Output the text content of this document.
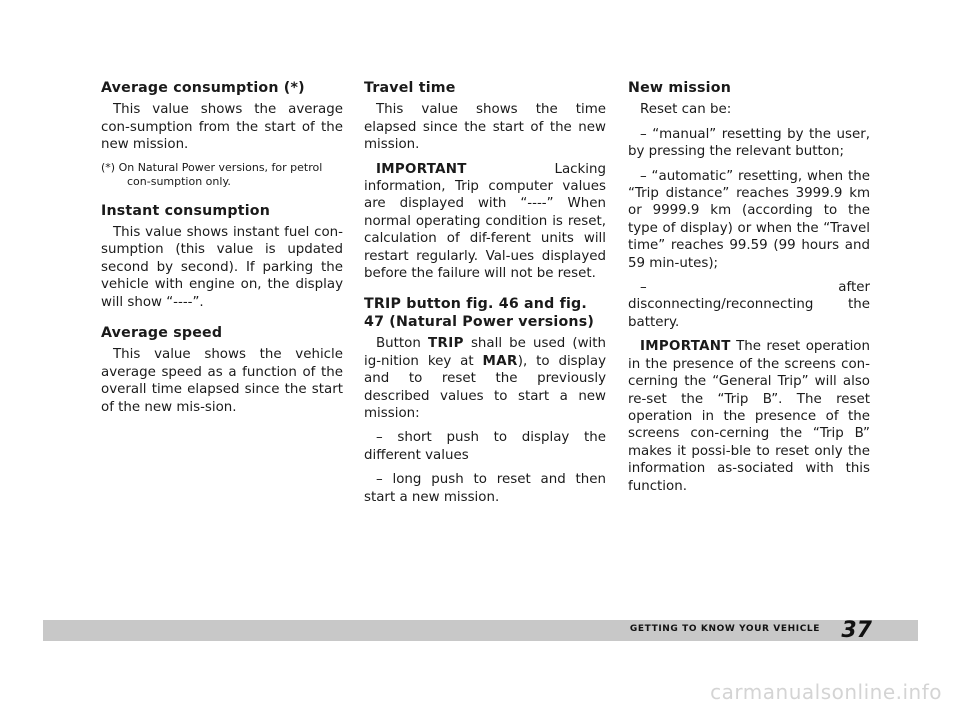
Average consumption (*)

This value shows the average con-sumption from the start of the new mission.

(*) On Natural Power versions, for petrol con-sumption only.
Instant consumption

This value shows instant fuel con-sumption (this value is updated second by second). If parking the vehicle with engine on, the display will show “----”.

Average speed

This value shows the vehicle average speed as a function of the overall time elapsed since the start of the new mis-sion.

Travel time

This value shows the time elapsed since the start of the new mission.

IMPORTANT Lacking information, Trip computer values are displayed with “----” When normal operating condition is reset, calculation of dif-ferent units will restart regularly. Val-ues displayed before the failure will not be reset.

TRIP button fig. 46 and fig. 47 (Natural Power versions)

Button TRIP shall be used (with ig-nition key at MAR), to display and to reset the previously described values to start a new mission:

– short push to display the different values

– long push to reset and then start a new mission.

New mission

Reset can be:

– “manual” resetting by the user, by pressing the relevant button;

– “automatic” resetting, when the “Trip distance” reaches 3999.9 km or 9999.9 km (according to the type of display) or when the “Travel time” reaches 99.59 (99 hours and 59 min-utes);

– after disconnecting/reconnecting the battery.

IMPORTANT The reset operation in the presence of the screens con-cerning the “General Trip” will also re-set the “Trip B”. The reset operation in the presence of the screens con-cerning the “Trip B” makes it possi-ble to reset only the information as-sociated with this function.

GETTING TO KNOW YOUR VEHICLE 37
carmanualsonline.info
